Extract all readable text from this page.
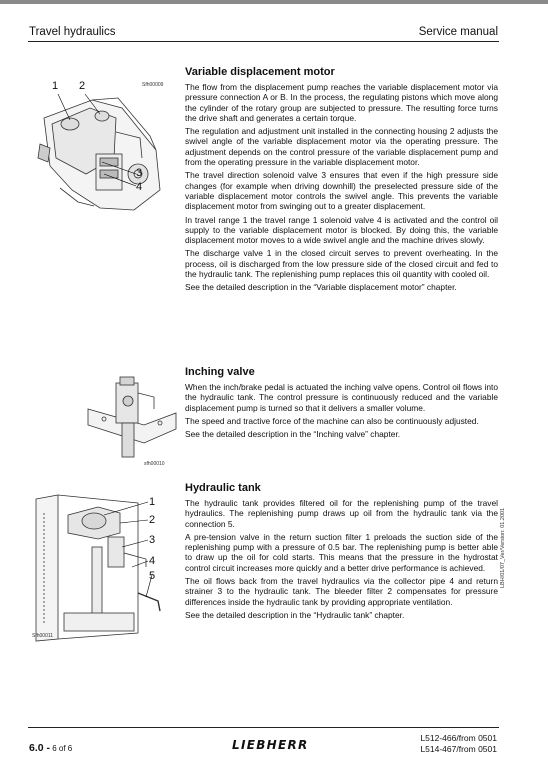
Travel hydraulics	Service manual
Variable displacement motor

The flow from the displacement pump reaches the variable displacement motor via pressure connection A or B. In the process, the regulating pistons which move along the cylinder of the rotary group are subjected to pressure. The resulting force turns the drive shaft and generates a certain torque.

The regulation and adjustment unit installed in the connecting housing 2 adjusts the swivel angle of the variable displacement motor via the operating pressure. The adjustment depends on the control pressure of the variable displacement pump and from the operating pressure in the variable displacement motor.

The travel direction solenoid valve 3 ensures that even if the high pressure side changes (for example when driving downhill) the preselected pressure side of the variable displacement motor controls the swivel angle. This prevents the variable displacement motor from swinging out to a greater displacement.

In travel range 1 the travel range 1 solenoid valve 4 is activated and the control oil supply to the variable displacement motor is blocked. By doing this, the variable displacement motor moves to a wide swivel angle and the machine drives slowly.

The discharge valve 1 in the closed circuit serves to prevent overheating. In the process, oil is discharged from the low pressure side of the closed circuit and fed to the hydraulic tank. The replenishing pump replaces this oil quantity with cooled oil.

See the detailed description in the “Variable displacement motor” chapter.

Inching valve

When the inch/brake pedal is actuated the inching valve opens. Control oil flows into the hydraulic tank. The control pressure is continuously reduced and the variable displacement pump is turned so that it delivers a smaller volume.

The speed and tractive force of the machine can also be continuously adjusted.

See the detailed description in the “Inching valve” chapter.

Hydraulic tank

The hydraulic tank provides filtered oil for the replenishing pump of the travel hydraulics. The replenishing pump draws up oil from the hydraulic tank via the connection 5.

A pre-tension valve in the return suction filter 1 preloads the suction side of the replenishing pump with a pressure of 0.5 bar. The replenishing pump is better able to draw up the oil for cold starts. This means that the pressure in the hydrostat control circuit increases more quickly and a better drive performance is achieved.

The oil flows back from the travel hydraulics via the collector pipe 4 and return strainer 3 to the hydraulic tank. The bleeder filter 2 compensates for pressure differences inside the hydraulic tank by providing appropriate ventilation.

See the detailed description in the “Hydraulic tank” chapter.

Sfh00009
1 2
3
4
sfh00010
Sfh00011
1
2
3
4
5	LBH/01/07_Ver/Version: 01.2001
6.0 - 6 of 6	LIEBHERR	L512-466/from 0501
L514-467/from 0501
